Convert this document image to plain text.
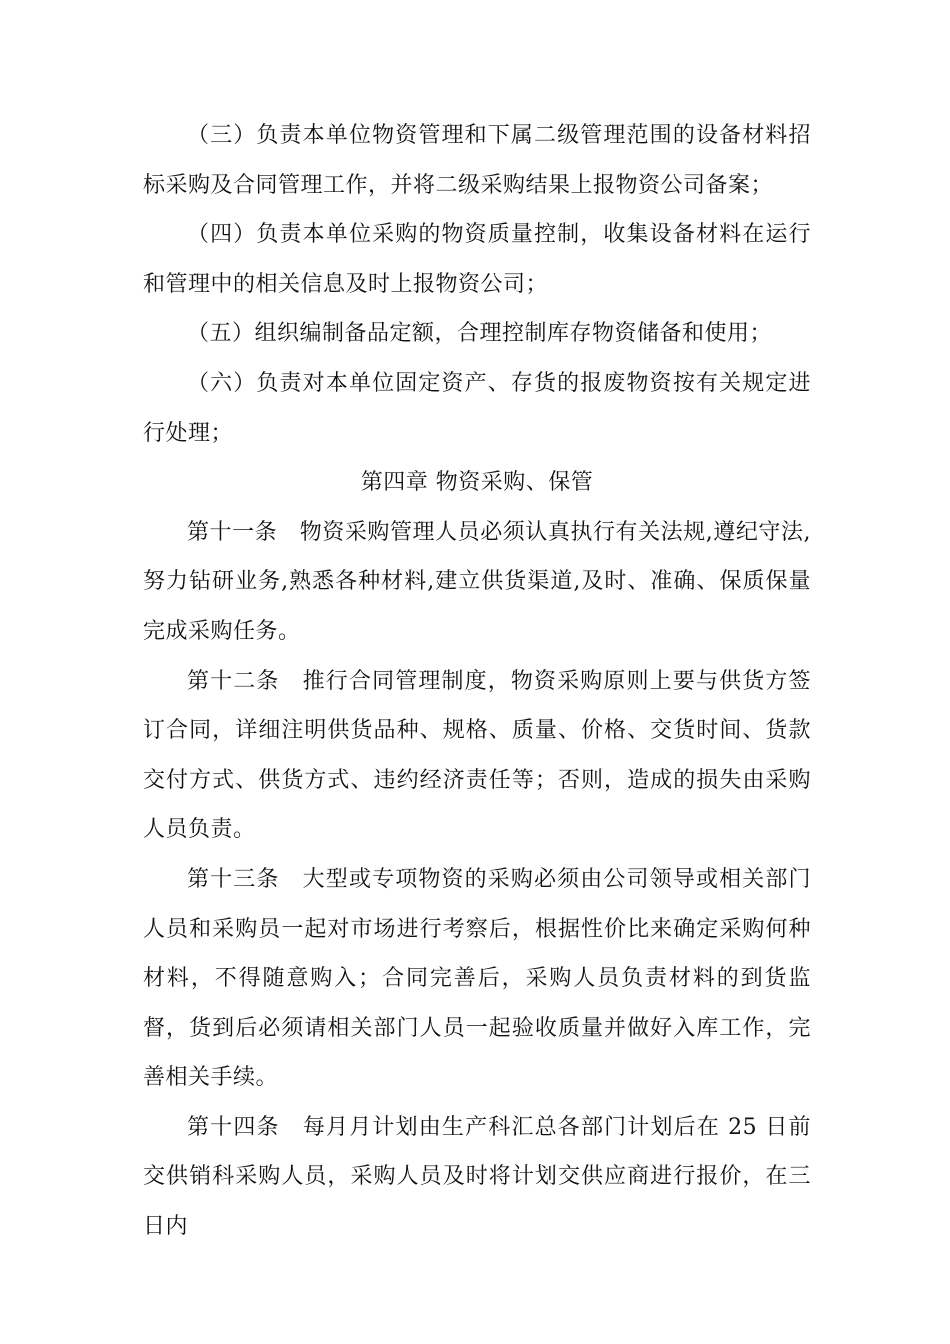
（三）负责本单位物资管理和下属二级管理范围的设备材料招标采购及合同管理工作，并将二级采购结果上报物资公司备案；

（四）负责本单位采购的物资质量控制，收集设备材料在运行和管理中的相关信息及时上报物资公司；

（五）组织编制备品定额，合理控制库存物资储备和使用；

（六）负责对本单位固定资产、存货的报废物资按有关规定进行处理；

第四章 物资采购、保管

第十一条　物资采购管理人员必须认真执行有关法规,遵纪守法,努力钻研业务,熟悉各种材料,建立供货渠道,及时、准确、保质保量完成采购任务。

第十二条　推行合同管理制度，物资采购原则上要与供货方签订合同，详细注明供货品种、规格、质量、价格、交货时间、货款交付方式、供货方式、违约经济责任等；否则，造成的损失由采购人员负责。

第十三条　大型或专项物资的采购必须由公司领导或相关部门人员和采购员一起对市场进行考察后，根据性价比来确定采购何种材料，不得随意购入；合同完善后，采购人员负责材料的到货监督，货到后必须请相关部门人员一起验收质量并做好入库工作，完善相关手续。

第十四条　每月月计划由生产科汇总各部门计划后在 25 日前交供销科采购人员，采购人员及时将计划交供应商进行报价，在三日内
